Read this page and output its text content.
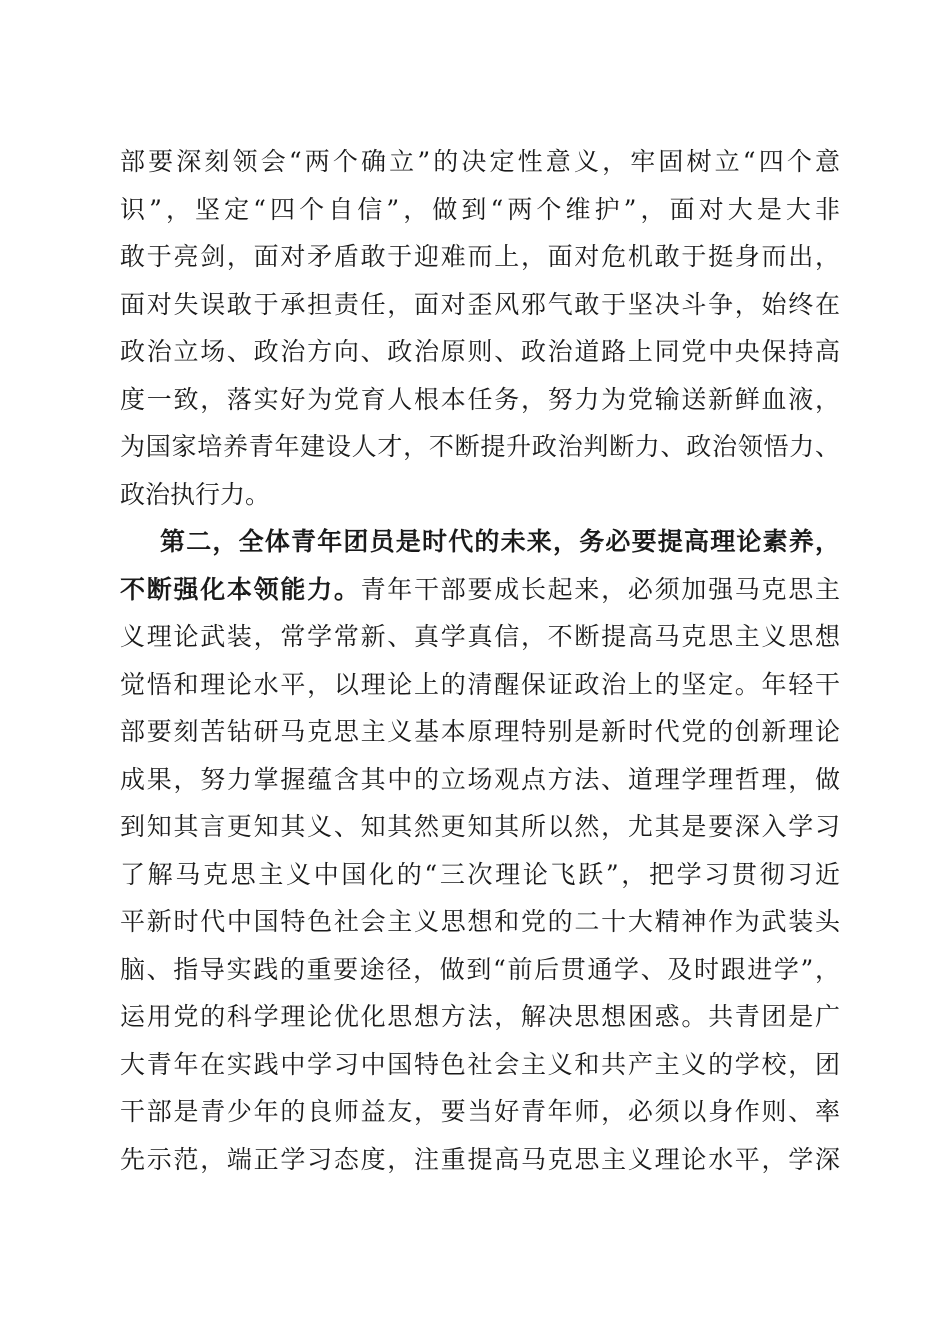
部要深刻领会“两个确立”的决定性意义，牢固树立“四个意
识”，坚定“四个自信”，做到“两个维护”，面对大是大非
敢于亮剑，面对矛盾敢于迎难而上，面对危机敢于挺身而出，
面对失误敢于承担责任，面对歪风邪气敢于坚决斗争，始终在
政治立场、政治方向、政治原则、政治道路上同党中央保持高
度一致，落实好为党育人根本任务，努力为党输送新鲜血液，
为国家培养青年建设人才，不断提升政治判断力、政治领悟力、
政治执行力。
第二，全体青年团员是时代的未来，务必要提高理论素养，
不断强化本领能力。青年干部要成长起来，必须加强马克思主
义理论武装，常学常新、真学真信，不断提高马克思主义思想
觉悟和理论水平，以理论上的清醒保证政治上的坚定。年轻干
部要刻苦钻研马克思主义基本原理特别是新时代党的创新理论
成果，努力掌握蕴含其中的立场观点方法、道理学理哲理，做
到知其言更知其义、知其然更知其所以然，尤其是要深入学习
了解马克思主义中国化的“三次理论飞跃”，把学习贯彻习近
平新时代中国特色社会主义思想和党的二十大精神作为武装头
脑、指导实践的重要途径，做到“前后贯通学、及时跟进学”，
运用党的科学理论优化思想方法，解决思想困惑。共青团是广
大青年在实践中学习中国特色社会主义和共产主义的学校，团
干部是青少年的良师益友，要当好青年师，必须以身作则、率
先示范，端正学习态度，注重提高马克思主义理论水平，学深
